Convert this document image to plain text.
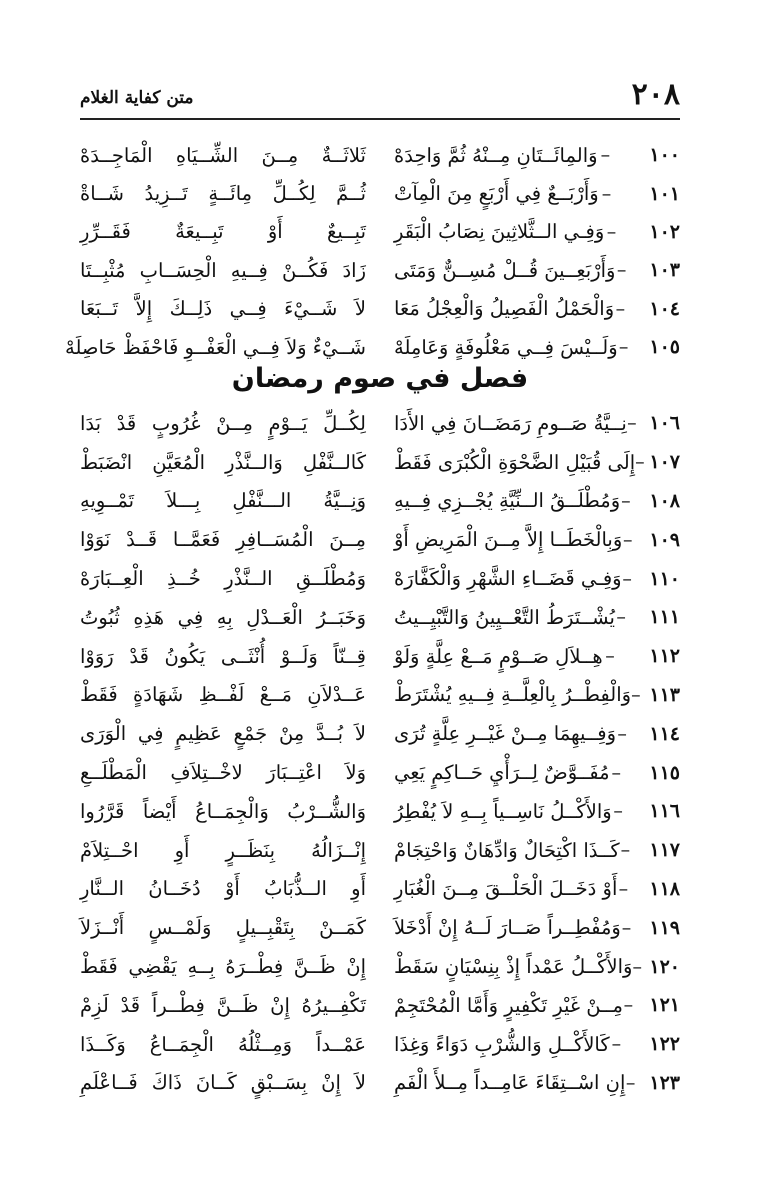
٢٠٨
متن كفاية الغلام
١٠٠
–
وَالمِائَــتَانِ مِــنْهُ ثُمَّ وَاحِدَهْ
ثَلاثَــةٌ مِــنَ الشِّــيَاهِ الْمَاجِــدَهْ
١٠١
–
وَأَرْبَــعٌ فِي أَرْبَعٍ مِنَ الْمِآتْ
ثُــمَّ لِكُــلِّ مِائَــةٍ تَــزِيدُ شَــاةْ
١٠٢
–
وَفِـي الــثَّلاثِينَ نِصَابُ الْبَقَرِ
تَبِــيعٌ أَوْ تَبِــيعَةٌ فَقَــرِّرِ
١٠٣
–
وَأَرْبَعِــينَ قُــلْ مُسِــنٌّ وَمَتَى
زَادَ فَكُــنْ فِــيهِ الْحِسَــابِ مُثْبِــتَا
١٠٤
–
وَالْحَمْلُ الْفَصِيلُ وَالْعِجْلُ مَعَا
لاَ شَــيْءَ فِــي ذَلِــكَ إِلاَّ تَــبَعَا
١٠٥
–
وَلَــيْسَ فِــي مَعْلُوفَةٍ وَعَامِلَهْ
شَــيْءٌ وَلاَ فِــي الْعَفْــوِ فَاحْفَظْ حَاصِلَهْ
فصل في صوم رمضان
١٠٦
–
نِــيَّةُ صَــومِ رَمَضَــانَ فِي الأَدَا
لِكُــلِّ يَــوْمٍ مِــنْ غُرُوبٍ قَدْ بَدَا
١٠٧
–
إِلَى قُبَيْلِ الضَّحْوَةِ الْكُبْرَى فَقَطْ
كَالــنَّفْلِ وَالــنَّذْرِ الْمُعَيَّنِ انْضَبَطْ
١٠٨
–
وَمُطْلَــقُ الــنِّيَّةِ يُجْــزِي فِــيهِ
وَنِــيَّةُ الـــنَّفْلِ بِـــلاَ تَمْــوِيهِ
١٠٩
–
وَبِالْخَطَــا إِلاَّ مِــنَ الْمَرِيضِ أَوْ
مِــنَ الْمُسَــافِرِ فَعَمَّــا قَــدْ نَوَوْا
١١٠
–
وَفِـي قَضَــاءِ الشَّهْرِ وَالْكَفَّارَهْ
وَمُطْلَــقِ الــنَّذْرِ خُــذِ الْعِــبَارَهْ
١١١
–
يُشْــتَرَطُ التَّعْــيِينُ وَالتَّبْيِــيتُ
وَخَبَــرُ الْعَــدْلِ بِهِ فِي هَذِهِ ثُبُوتُ
١١٢
–
هِــلاَلِ صَــوْمٍ مَــعْ عِلَّةٍ وَلَوْ
قِــنّاً وَلَــوْ أُنْثَــى يَكُونُ قَدْ رَوَوْا
١١٣
–
وَالْفِطْــرُ بِالْعِلَّــةِ فِــيهِ يُشْتَرَطْ
عَــدْلاَنِ مَــعْ لَفْــظِ شَهَادَةٍ فَقَطْ
١١٤
–
وَفِــيهِمَا مِــنْ غَيْــرِ عِلَّةٍ تُرَى
لاَ بُــدَّ مِنْ جَمْعٍ عَظِيمٍ فِي الْوَرَى
١١٥
–
مُفَــوَّضٌ لِــرَأْيِ حَــاكِمٍ يَعِي
وَلاَ اعْتِــبَارَ لاخْــتِلاَفِ الْمَطْلَــعِ
١١٦
–
وَالأَكْــلُ نَاسِــياً بِــهِ لاَ يُفْطِرُ
وَالشُّــرْبُ وَالْجِمَــاعُ أَيْضاً قَرَّرُوا
١١٧
–
كَــذَا اكْتِحَالٌ وَادِّهَانٌ وَاحْتِجَامْ
إِنْــزَالُهُ بِنَظَــرٍ أَوِ احْــتِلاَمْ
١١٨
–
أَوْ دَخَــلَ الْحَلْــقَ مِــنَ الْغُبَارِ
أَوِ الــذُّبَابُ أَوْ دُخَــانُ الــنَّارِ
١١٩
–
وَمُفْطِــراً صَــارَ لَــهُ إِنْ أَدْخَلاَ
كَمَــنْ بِتَقْبِــيلٍ وَلَمْــسٍ أَنْــزَلاَ
١٢٠
–
وَالأَكْــلُ عَمْداً إِذْ بِنِسْيَانٍ سَقَطْ
إِنْ ظَــنَّ فِطْــرَهُ بِــهِ يَقْضِي فَقَطْ
١٢١
–
مِــنْ غَيْرِ تَكْفِيرٍ وَأَمَّا الْمُحْتَجِمْ
تَكْفِــيرُهُ إِنْ ظَــنَّ فِطْــراً قَدْ لَزِمْ
١٢٢
–
كَالأَكْــلِ وَالشُّرْبِ دَوَاءً وَغِذَا
عَمْــداً وَمِــثْلُهُ الْجِمَــاعُ وَكَــذَا
١٢٣
–
إِنِ اسْــتِقَاءَ عَامِــداً مِــلأَ الْفَمِ
لاَ إِنْ بِسَــبْقٍ كَــانَ ذَاكَ فَــاعْلَمِ
